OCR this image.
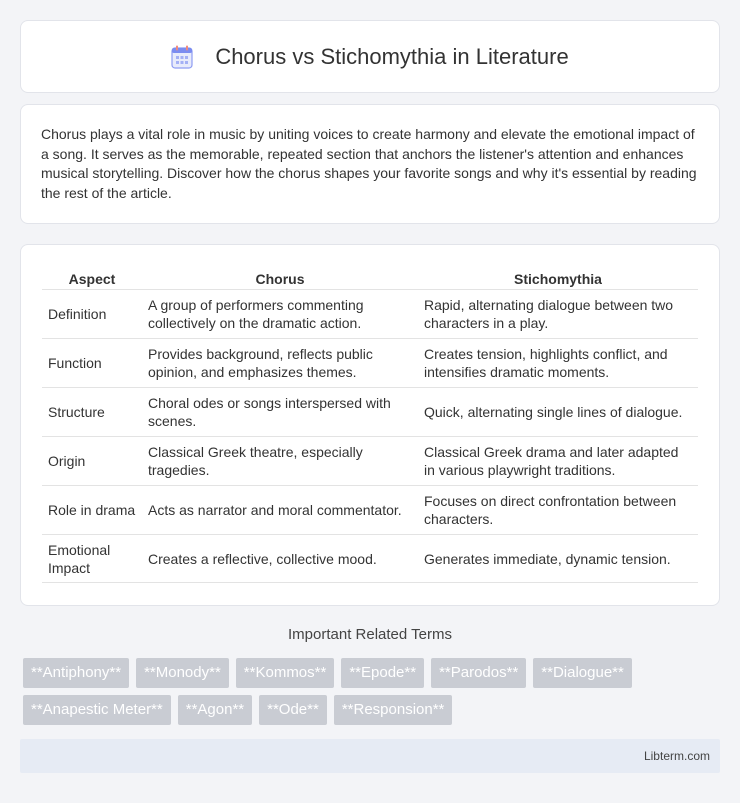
Chorus vs Stichomythia in Literature

Chorus plays a vital role in music by uniting voices to create harmony and elevate the emotional impact of a song. It serves as the memorable, repeated section that anchors the listener's attention and enhances musical storytelling. Discover how the chorus shapes your favorite songs and why it's essential by reading the rest of the article.

Aspect	Chorus	Stichomythia
Definition	A group of performers commenting collectively on the dramatic action.	Rapid, alternating dialogue between two characters in a play.
Function	Provides background, reflects public opinion, and emphasizes themes.	Creates tension, highlights conflict, and intensifies dramatic moments.
Structure	Choral odes or songs interspersed with scenes.	Quick, alternating single lines of dialogue.
Origin	Classical Greek theatre, especially tragedies.	Classical Greek drama and later adapted in various playwright traditions.
Role in drama	Acts as narrator and moral commentator.	Focuses on direct confrontation between characters.
Emotional Impact	Creates a reflective, collective mood.	Generates immediate, dynamic tension.
Important Related Terms
**Antiphony**	**Monody**	**Kommos**	**Epode**	**Parodos**	**Dialogue**
**Anapestic Meter**	**Agon**	**Ode**	**Responsion**
Libterm.com
